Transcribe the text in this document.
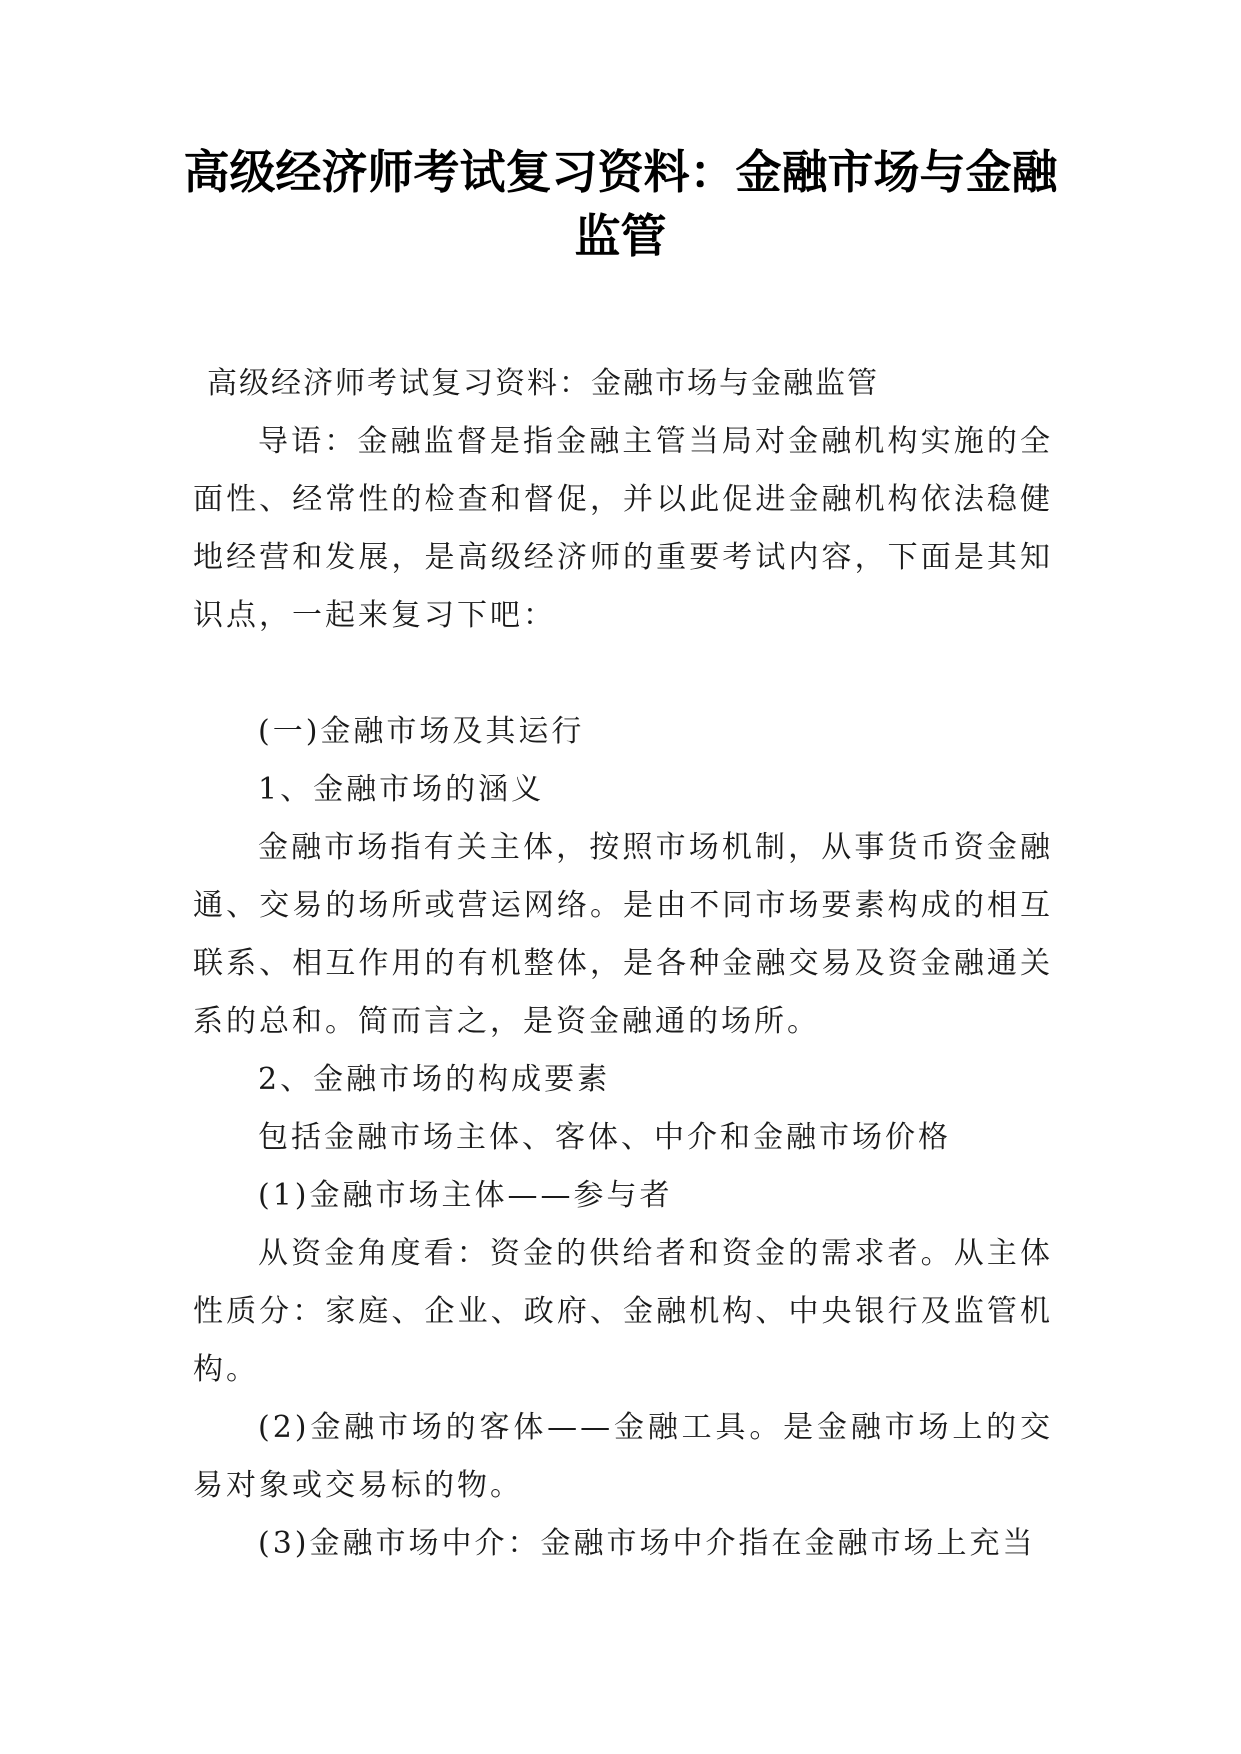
高级经济师考试复习资料：金融市场与金融监管

高级经济师考试复习资料：金融市场与金融监管

导语：金融监督是指金融主管当局对金融机构实施的全面性、经常性的检查和督促，并以此促进金融机构依法稳健地经营和发展，是高级经济师的重要考试内容，下面是其知识点，一起来复习下吧：

(一)金融市场及其运行

1、金融市场的涵义

金融市场指有关主体，按照市场机制，从事货币资金融通、交易的场所或营运网络。是由不同市场要素构成的相互联系、相互作用的有机整体，是各种金融交易及资金融通关系的总和。简而言之，是资金融通的场所。

2、金融市场的构成要素

包括金融市场主体、客体、中介和金融市场价格

(1)金融市场主体——参与者

从资金角度看：资金的供给者和资金的需求者。从主体性质分：家庭、企业、政府、金融机构、中央银行及监管机构。

(2)金融市场的客体——金融工具。是金融市场上的交易对象或交易标的物。

(3)金融市场中介：金融市场中介指在金融市场上充当
